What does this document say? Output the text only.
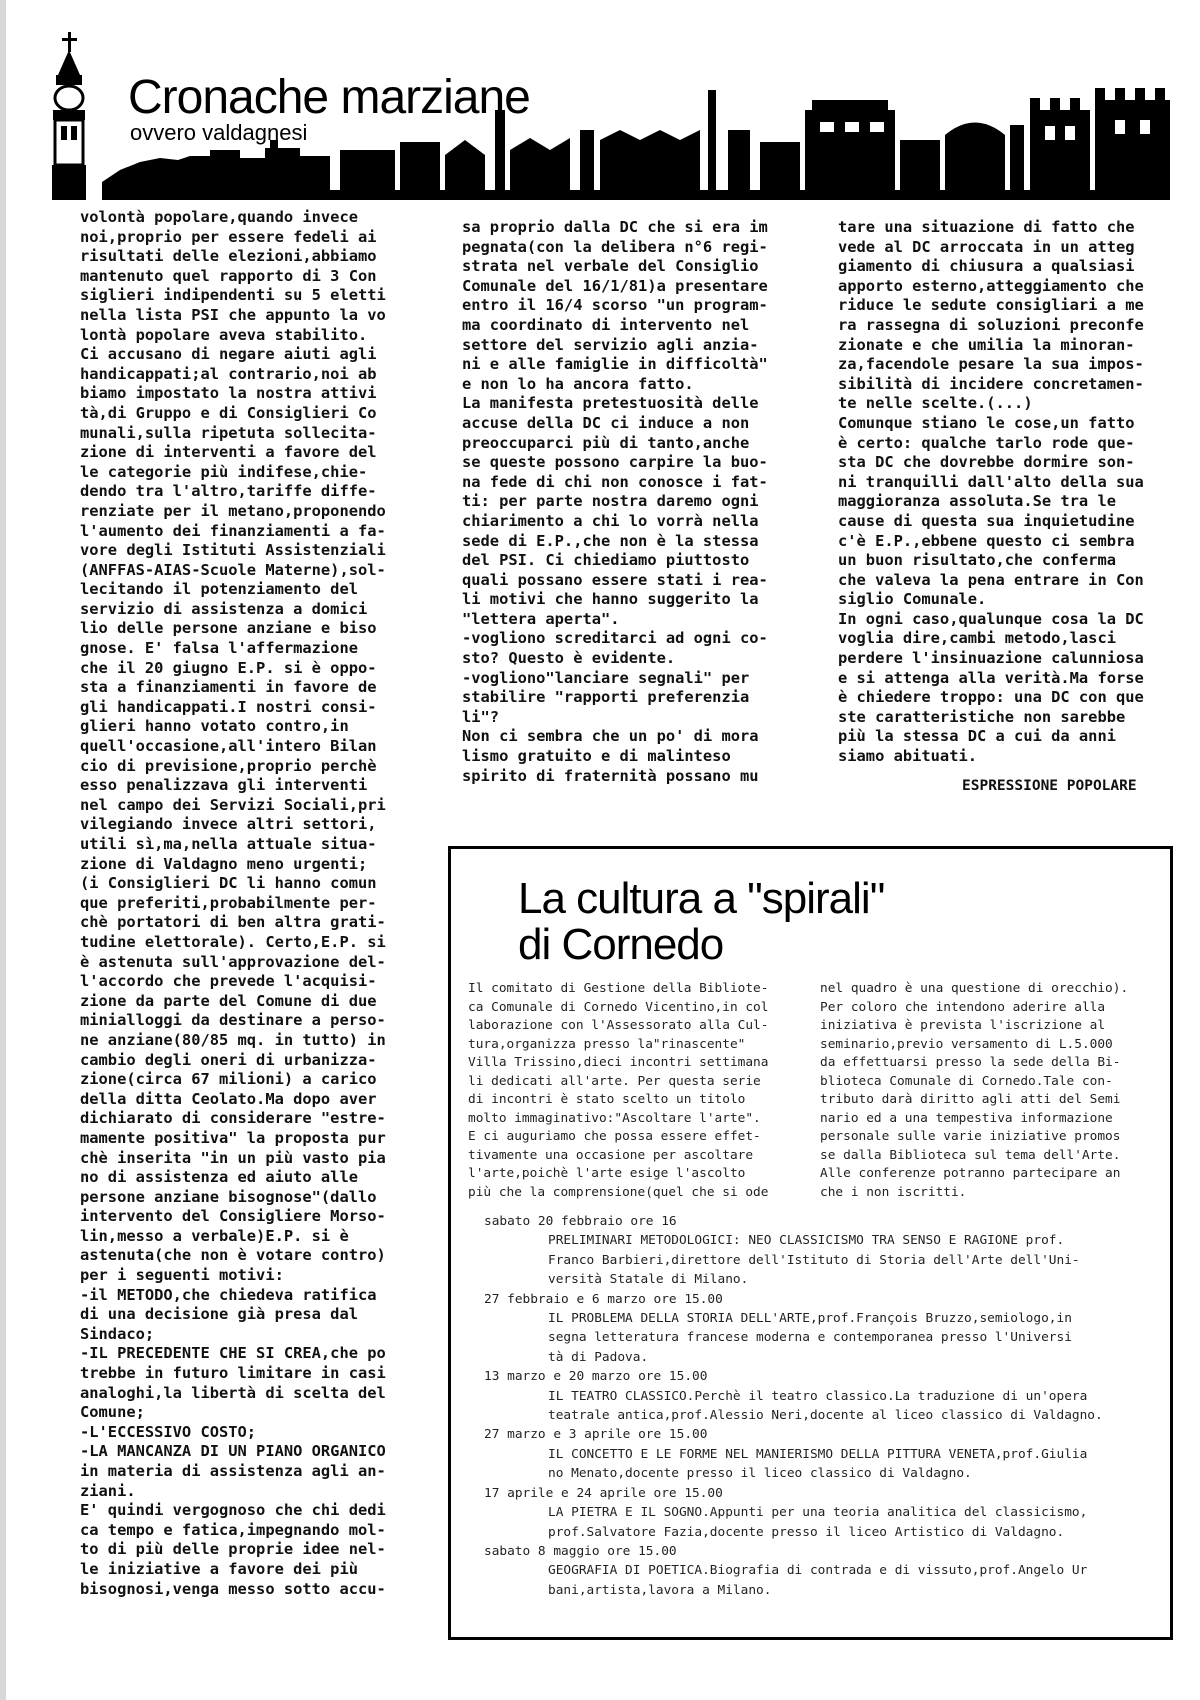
Cronache marziane
ovvero valdagnesi
volontà popolare,quando invece
noi,proprio per essere fedeli ai
risultati delle elezioni,abbiamo
mantenuto quel rapporto di 3 Con
siglieri indipendenti su 5 eletti
nella lista PSI che appunto la vo
lontà popolare aveva stabilito.
Ci accusano di negare aiuti agli
handicappati;al contrario,noi ab
biamo impostato la nostra attivi
tà,di Gruppo e di Consiglieri Co
munali,sulla ripetuta sollecita-
zione di interventi a favore del
le categorie più indifese,chie-
dendo tra l'altro,tariffe diffe-
renziate per il metano,proponendo
l'aumento dei finanziamenti a fa-
vore degli Istituti Assistenziali
(ANFFAS-AIAS-Scuole Materne),sol-
lecitando il potenziamento del
servizio di assistenza a domici
lio delle persone anziane e biso
gnose. E' falsa l'affermazione
che il 20 giugno E.P. si è oppo-
sta a finanziamenti in favore de
gli handicappati.I nostri consi-
glieri hanno votato contro,in
quell'occasione,all'intero Bilan
cio di previsione,proprio perchè
esso penalizzava gli interventi
nel campo dei Servizi Sociali,pri
vilegiando invece altri settori,
utili sì,ma,nella attuale situa-
zione di Valdagno meno urgenti;
(i Consiglieri DC li hanno comun
que preferiti,probabilmente per-
chè portatori di ben altra grati-
tudine elettorale). Certo,E.P. si
è astenuta sull'approvazione del-
l'accordo che prevede l'acquisi-
zione da parte del Comune di due
minialloggi da destinare a perso-
ne anziane(80/85 mq. in tutto) in
cambio degli oneri di urbanizza-
zione(circa 67 milioni) a carico
della ditta Ceolato.Ma dopo aver
dichiarato di considerare "estre-
mamente positiva" la proposta pur
chè inserita "in un più vasto pia
no di assistenza ed aiuto alle
persone anziane bisognose"(dallo
intervento del Consigliere Morso-
lin,messo a verbale)E.P. si è
astenuta(che non è votare contro)
per i seguenti motivi:
-il METODO,che chiedeva ratifica
di una decisione già presa dal
Sindaco;
-IL PRECEDENTE CHE SI CREA,che po
trebbe in futuro limitare in casi
analoghi,la libertà di scelta del
Comune;
-L'ECCESSIVO COSTO;
-LA MANCANZA DI UN PIANO ORGANICO
in materia di assistenza agli an-
ziani.
E' quindi vergognoso che chi dedi
ca tempo e fatica,impegnando mol-
to di più delle proprie idee nel-
le iniziative a favore dei più
bisognosi,venga messo sotto accu-
sa proprio dalla DC che si era im
pegnata(con la delibera n°6 regi-
strata nel verbale del Consiglio
Comunale del 16/1/81)a presentare
entro il 16/4 scorso "un program-
ma coordinato di intervento nel
settore del servizio agli anzia-
ni e alle famiglie in difficoltà"
e non lo ha ancora fatto.
La manifesta pretestuosità delle
accuse della DC ci induce a non
preoccuparci più di tanto,anche
se queste possono carpire la buo-
na fede di chi non conosce i fat-
ti: per parte nostra daremo ogni
chiarimento a chi lo vorrà nella
sede di E.P.,che non è la stessa
del PSI. Ci chiediamo piuttosto
quali possano essere stati i rea-
li motivi che hanno suggerito la
"lettera aperta".
-vogliono screditarci ad ogni co-
sto? Questo è evidente.
-vogliono"lanciare segnali" per
stabilire "rapporti preferenzia
li"?
Non ci sembra che un po' di mora
lismo gratuito e di malinteso
spirito di fraternità possano mu
tare una situazione di fatto che
vede al DC arroccata in un atteg
giamento di chiusura a qualsiasi
apporto esterno,atteggiamento che
riduce le sedute consigliari a me
ra rassegna di soluzioni preconfe
zionate e che umilia la minoran-
za,facendole pesare la sua impos-
sibilità di incidere concretamen-
te nelle scelte.(...)
Comunque stiano le cose,un fatto
è certo: qualche tarlo rode que-
sta DC che dovrebbe dormire son-
ni tranquilli dall'alto della sua
maggioranza assoluta.Se tra le
cause di questa sua inquietudine
c'è E.P.,ebbene questo ci sembra
un buon risultato,che conferma
che valeva la pena entrare in Con
siglio Comunale.
In ogni caso,qualunque cosa la DC
voglia dire,cambi metodo,lasci
perdere l'insinuazione calunniosa
e si attenga alla verità.Ma forse
è chiedere troppo: una DC con que
ste caratteristiche non sarebbe
più la stessa DC a cui da anni
siamo abituati.
ESPRESSIONE POPOLARE
La cultura a "spirali"
di Cornedo
Il comitato di Gestione della Bibliote-
ca Comunale di Cornedo Vicentino,in col
laborazione con l'Assessorato alla Cul-
tura,organizza presso la"rinascente"
Villa Trissino,dieci incontri settimana
li dedicati all'arte. Per questa serie
di incontri è stato scelto un titolo
molto immaginativo:"Ascoltare l'arte".
E ci auguriamo che possa essere effet-
tivamente una occasione per ascoltare
l'arte,poichè l'arte esige l'ascolto
più che la comprensione(quel che si ode
nel quadro è una questione di orecchio).
Per coloro che intendono aderire alla
iniziativa è prevista l'iscrizione al
seminario,previo versamento di L.5.000
da effettuarsi presso la sede della Bi-
blioteca Comunale di Cornedo.Tale con-
tributo darà diritto agli atti del Semi
nario ed a una tempestiva informazione
personale sulle varie iniziative promos
se dalla Biblioteca sul tema dell'Arte.
Alle conferenze potranno partecipare an
che i non iscritti.
sabato 20 febbraio ore 16
PRELIMINARI METODOLOGICI: NEO CLASSICISMO TRA SENSO E RAGIONE prof.
Franco Barbieri,direttore dell'Istituto di Storia dell'Arte dell'Uni-
versità Statale di Milano.
27 febbraio e 6 marzo ore 15.00
IL PROBLEMA DELLA STORIA DELL'ARTE,prof.François Bruzzo,semiologo,in
segna letteratura francese moderna e contemporanea presso l'Universi
tà di Padova.
13 marzo e 20 marzo ore 15.00
IL TEATRO CLASSICO.Perchè il teatro classico.La traduzione di un'opera
teatrale antica,prof.Alessio Neri,docente al liceo classico di Valdagno.
27 marzo e 3 aprile ore 15.00
IL CONCETTO E LE FORME NEL MANIERISMO DELLA PITTURA VENETA,prof.Giulia
no Menato,docente presso il liceo classico di Valdagno.
17 aprile e 24 aprile ore 15.00
LA PIETRA E IL SOGNO.Appunti per una teoria analitica del classicismo,
prof.Salvatore Fazia,docente presso il liceo Artistico di Valdagno.
sabato 8 maggio ore 15.00
GEOGRAFIA DI POETICA.Biografia di contrada e di vissuto,prof.Angelo Ur
bani,artista,lavora a Milano.
